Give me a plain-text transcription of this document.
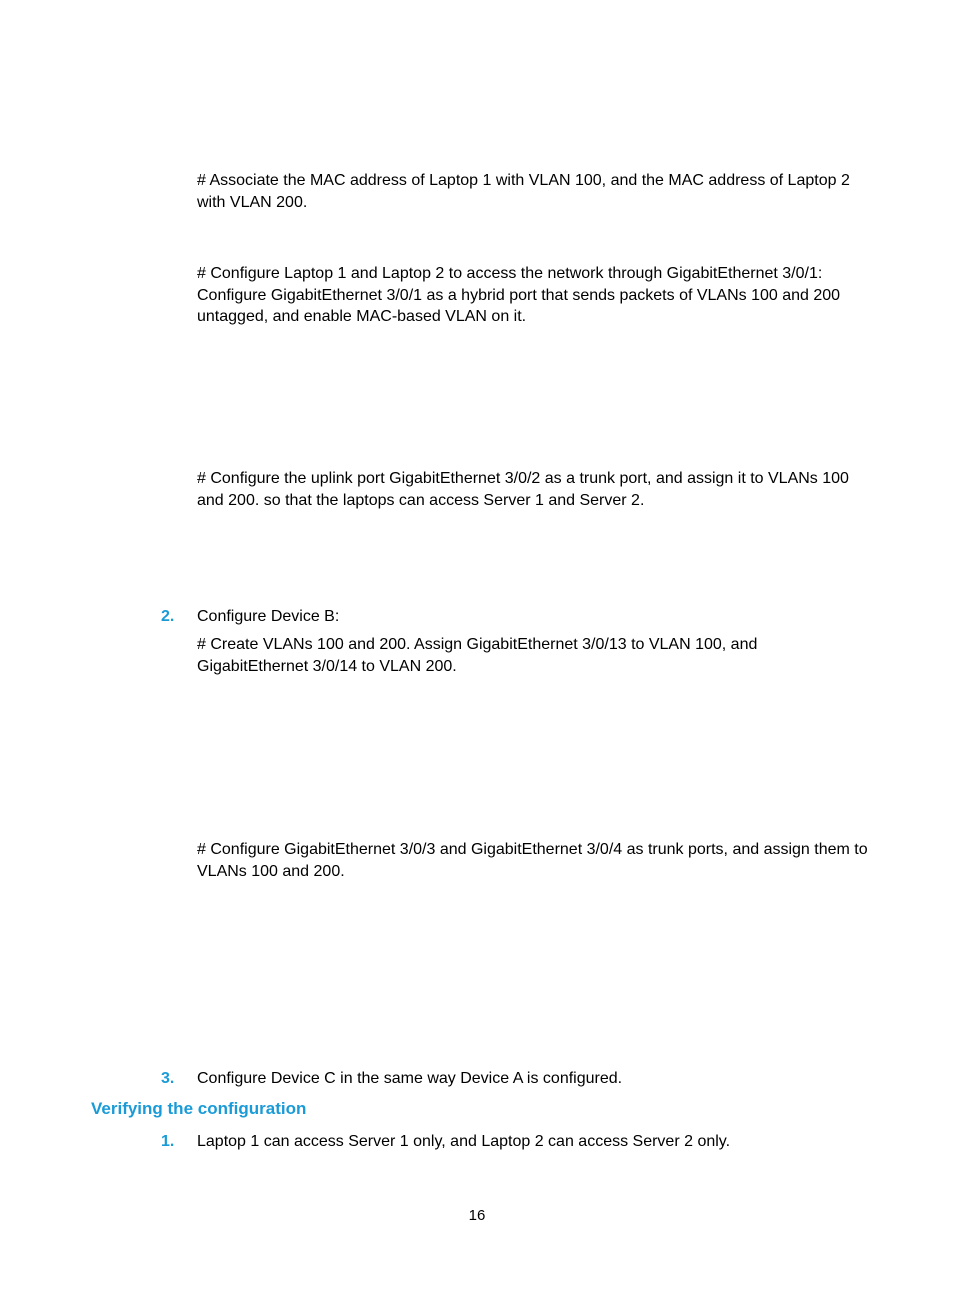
# Associate the MAC address of Laptop 1 with VLAN 100, and the MAC address of Laptop 2 with VLAN 200.

# Configure Laptop 1 and Laptop 2 to access the network through GigabitEthernet 3/0/1: Configure GigabitEthernet 3/0/1 as a hybrid port that sends packets of VLANs 100 and 200 untagged, and enable MAC-based VLAN on it.

# Configure the uplink port GigabitEthernet 3/0/2 as a trunk port, and assign it to VLANs 100 and 200. so that the laptops can access Server 1 and Server 2.

2.	Configure Device B:

# Create VLANs 100 and 200. Assign GigabitEthernet 3/0/13 to VLAN 100, and GigabitEthernet 3/0/14 to VLAN 200.

# Configure GigabitEthernet 3/0/3 and GigabitEthernet 3/0/4 as trunk ports, and assign them to VLANs 100 and 200.

3.	Configure Device C in the same way Device A is configured.
Verifying the configuration
1.	Laptop 1 can access Server 1 only, and Laptop 2 can access Server 2 only.
16
